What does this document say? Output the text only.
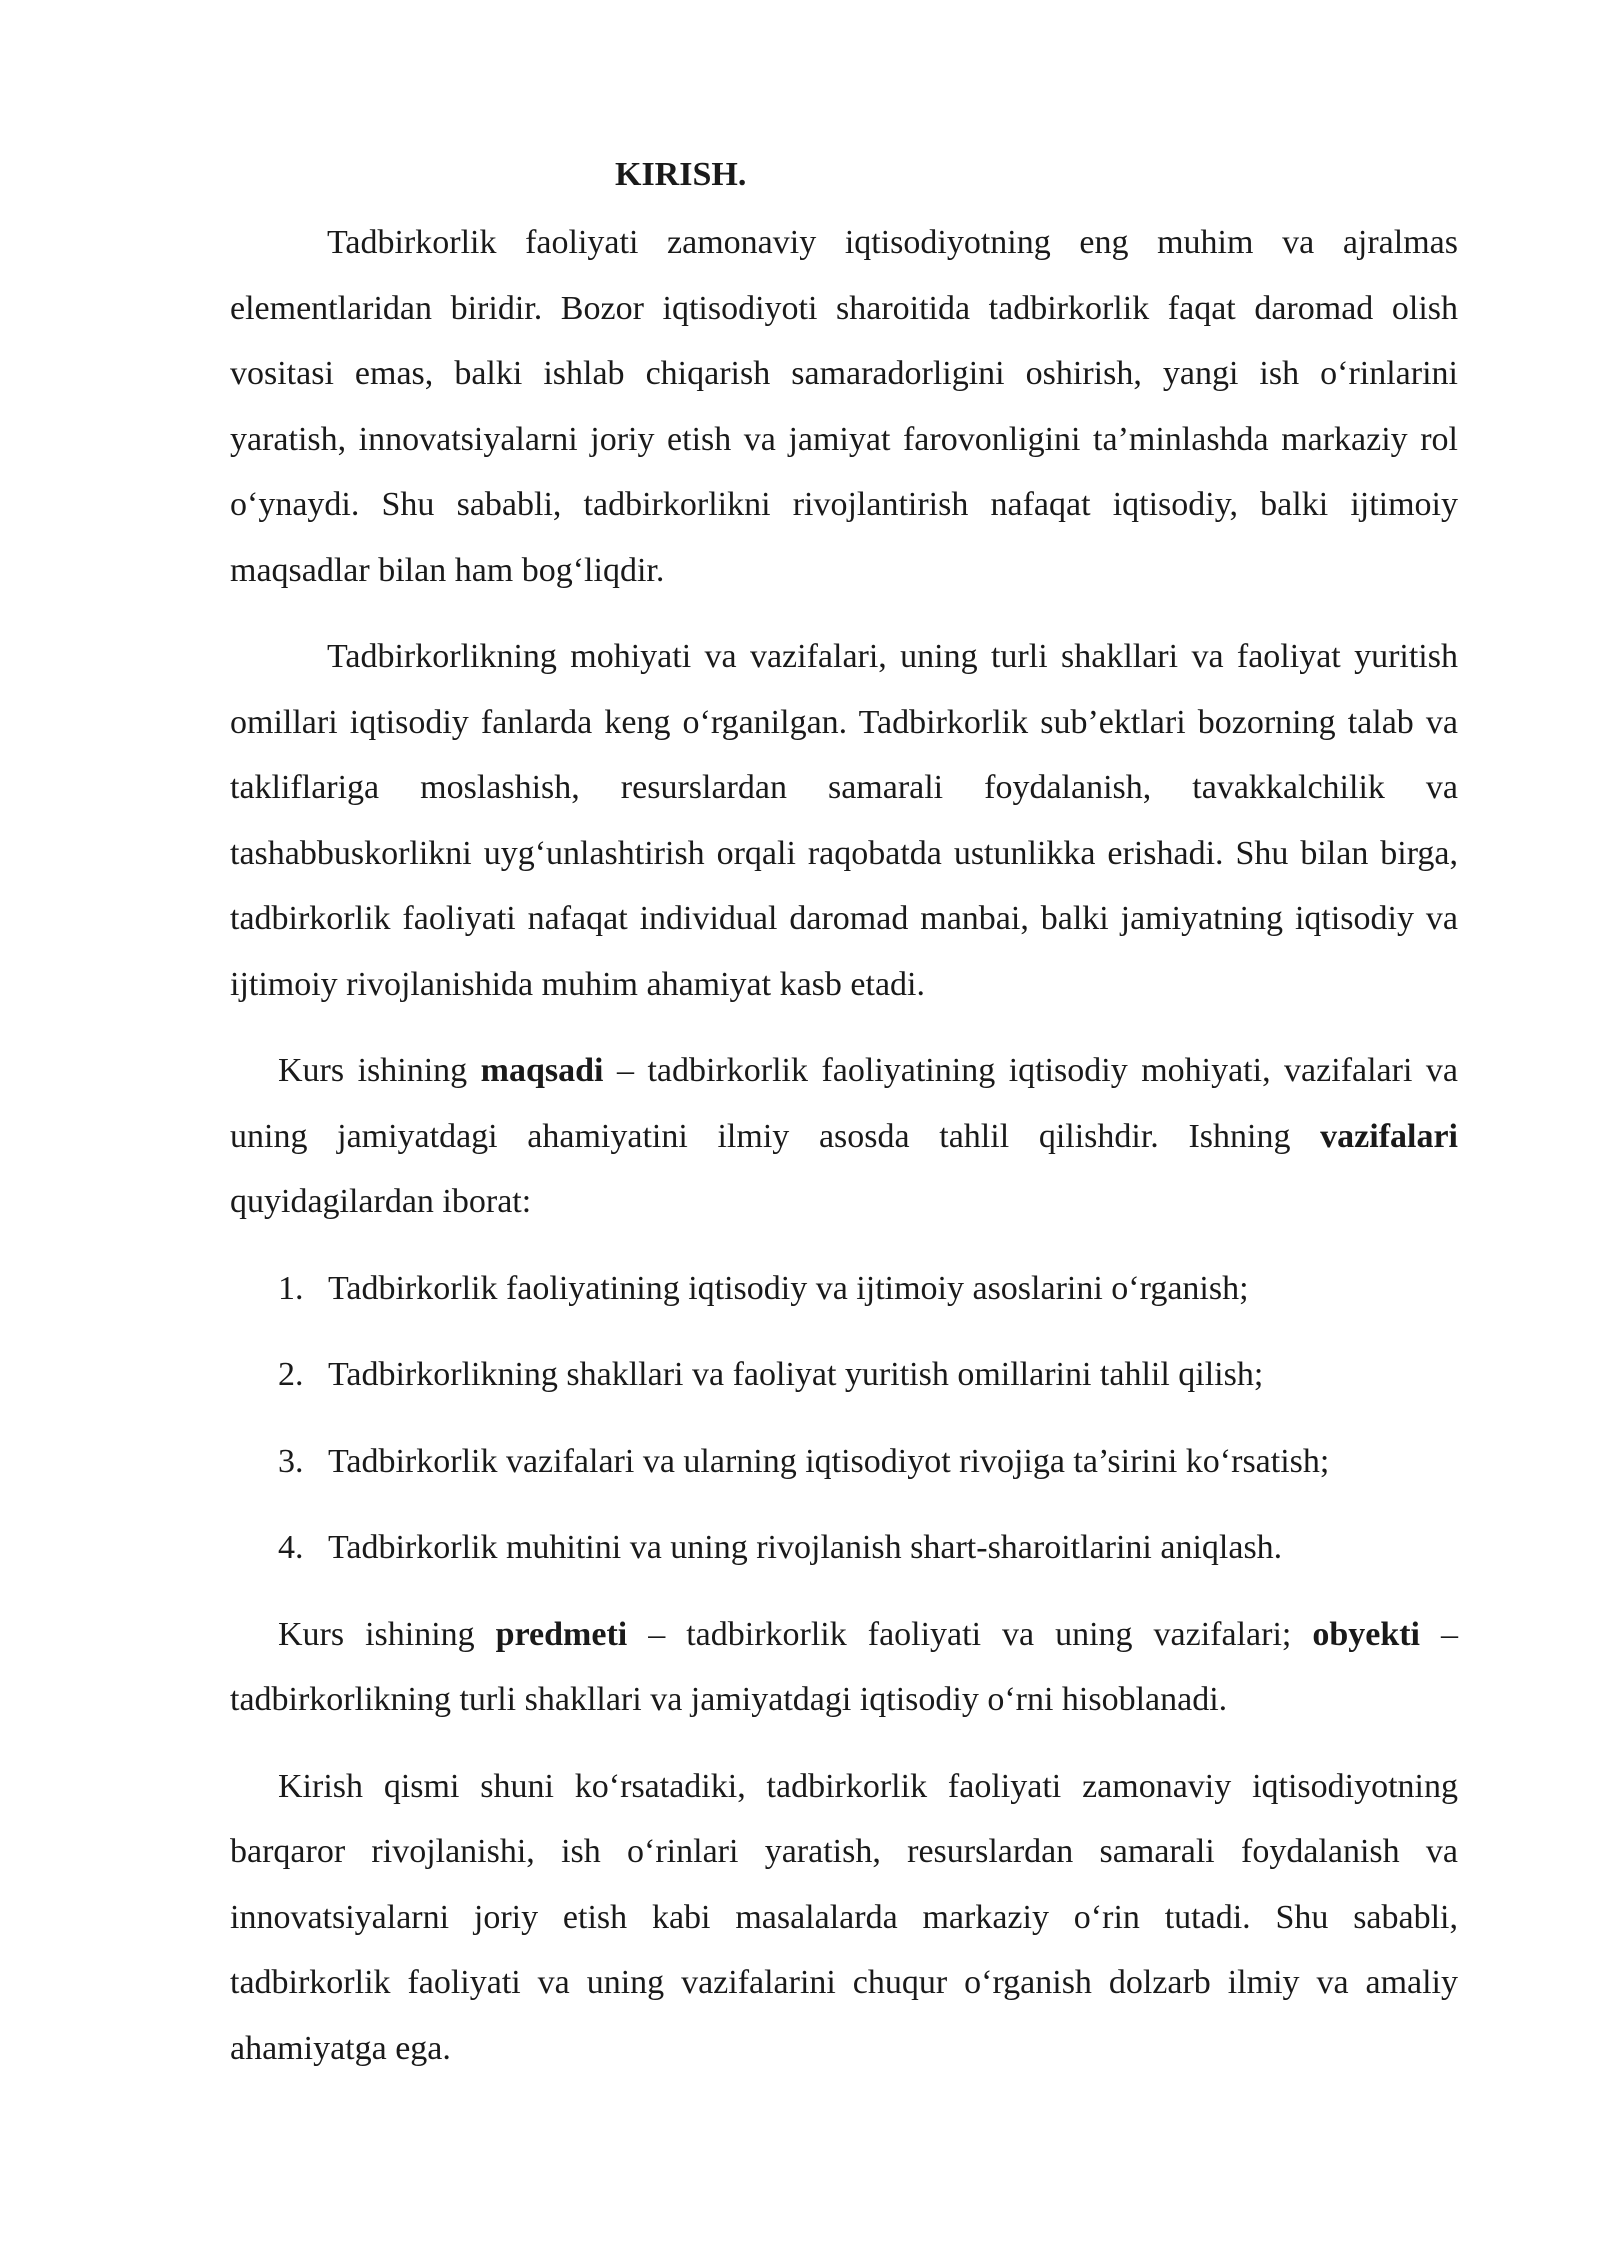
KIRISH.

Tadbirkorlik faoliyati zamonaviy iqtisodiyotning eng muhim va ajralmas elementlaridan biridir. Bozor iqtisodiyoti sharoitida tadbirkorlik faqat daromad olish vositasi emas, balki ishlab chiqarish samaradorligini oshirish, yangi ish o‘rinlarini yaratish, innovatsiyalarni joriy etish va jamiyat farovonligini ta’minlashda markaziy rol o‘ynaydi. Shu sababli, tadbirkorlikni rivojlantirish nafaqat iqtisodiy, balki ijtimoiy maqsadlar bilan ham bog‘liqdir.

Tadbirkorlikning mohiyati va vazifalari, uning turli shakllari va faoliyat yuritish omillari iqtisodiy fanlarda keng o‘rganilgan. Tadbirkorlik sub’ektlari bozorning talab va takliflariga moslashish, resurslardan samarali foydalanish, tavakkalchilik va tashabbuskorlikni uyg‘unlashtirish orqali raqobatda ustunlikka erishadi. Shu bilan birga, tadbirkorlik faoliyati nafaqat individual daromad manbai, balki jamiyatning iqtisodiy va ijtimoiy rivojlanishida muhim ahamiyat kasb etadi.

Kurs ishining maqsadi – tadbirkorlik faoliyatining iqtisodiy mohiyati, vazifalari va uning jamiyatdagi ahamiyatini ilmiy asosda tahlil qilishdir. Ishning vazifalari quyidagilardan iborat:

1. Tadbirkorlik faoliyatining iqtisodiy va ijtimoiy asoslarini o‘rganish;
2. Tadbirkorlikning shakllari va faoliyat yuritish omillarini tahlil qilish;
3. Tadbirkorlik vazifalari va ularning iqtisodiyot rivojiga ta’sirini ko‘rsatish;
4. Tadbirkorlik muhitini va uning rivojlanish shart-sharoitlarini aniqlash.

Kurs ishining predmeti – tadbirkorlik faoliyati va uning vazifalari; obyekti – tadbirkorlikning turli shakllari va jamiyatdagi iqtisodiy o‘rni hisoblanadi.

Kirish qismi shuni ko‘rsatadiki, tadbirkorlik faoliyati zamonaviy iqtisodiyotning barqaror rivojlanishi, ish o‘rinlari yaratish, resurslardan samarali foydalanish va innovatsiyalarni joriy etish kabi masalalarda markaziy o‘rin tutadi. Shu sababli, tadbirkorlik faoliyati va uning vazifalarini chuqur o‘rganish dolzarb ilmiy va amaliy ahamiyatga ega.
